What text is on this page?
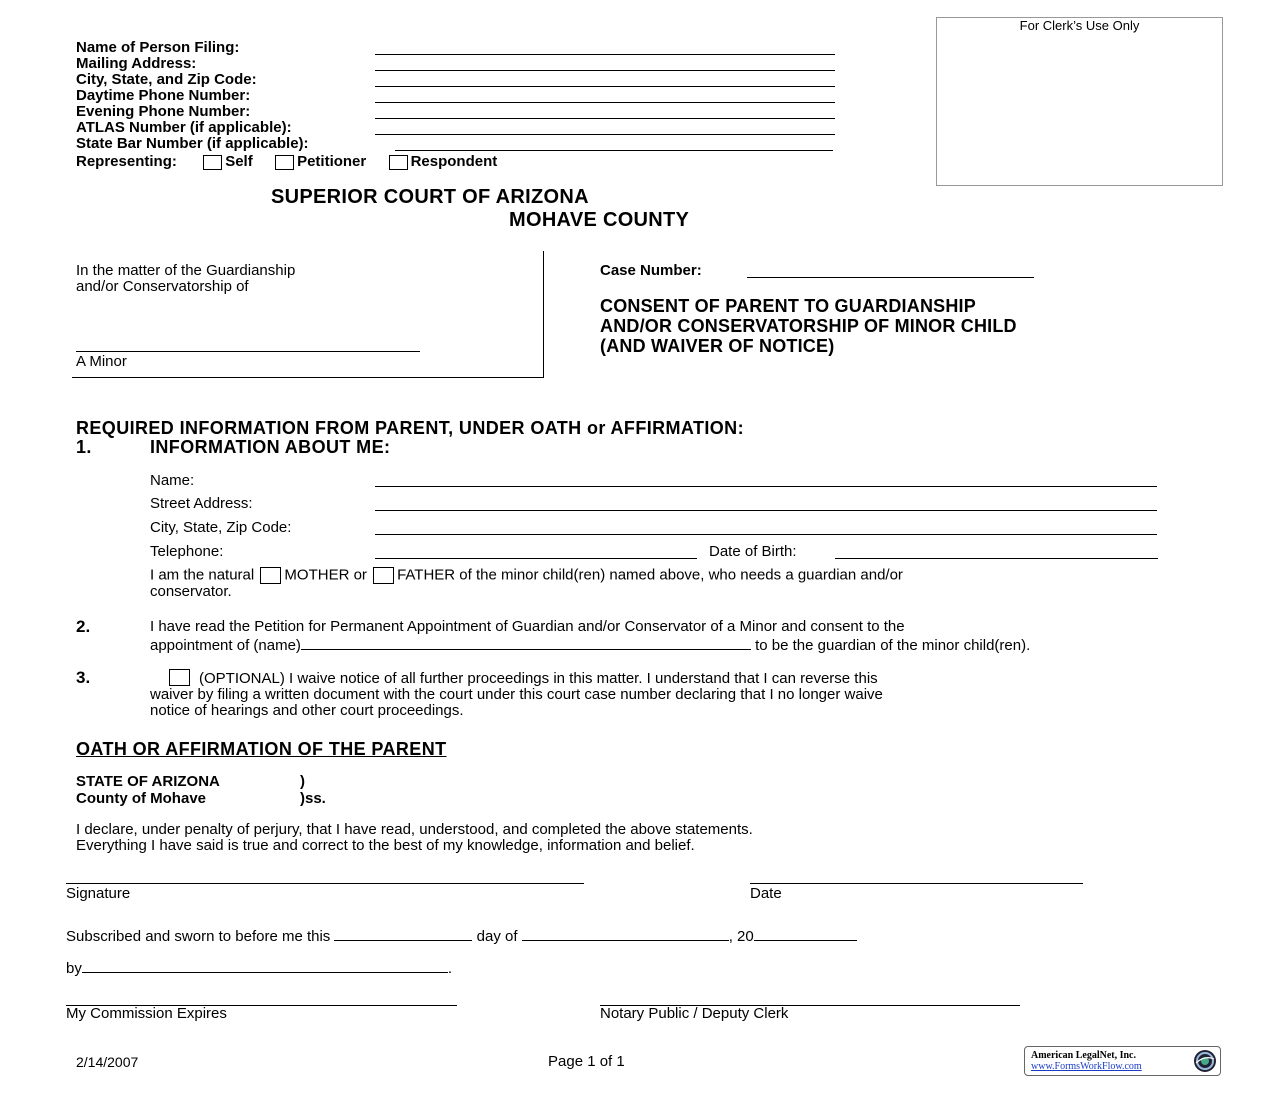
Name of Person Filing:
Mailing Address:
City, State, and Zip Code:
Daytime Phone Number:
Evening Phone Number:
ATLAS Number (if applicable):
State Bar Number (if applicable):
Representing:	Self	Petitioner	Respondent
For Clerk’s Use Only
SUPERIOR COURT OF ARIZONA
MOHAVE COUNTY
In the matter of the Guardianship
and/or Conservatorship of
A Minor
Case Number:
CONSENT OF PARENT TO GUARDIANSHIP
AND/OR CONSERVATORSHIP OF MINOR CHILD
(AND WAIVER OF NOTICE)
REQUIRED INFORMATION FROM PARENT, UNDER OATH or AFFIRMATION:
1.	INFORMATION ABOUT ME:
Name:
Street Address:
City, State, Zip Code:
Telephone:	Date of Birth:
I am the natural MOTHER or FATHER of the minor child(ren) named above, who needs a guardian and/or
conservator.
2.	I have read the Petition for Permanent Appointment of Guardian and/or Conservator of a Minor and consent to the
appointment of (name)	to be the guardian of the minor child(ren).
3.	(OPTIONAL) I waive notice of all further proceedings in this matter. I understand that I can reverse this
waiver by filing a written document with the court under this court case number declaring that I no longer waive
notice of hearings and other court proceedings.
OATH OR AFFIRMATION OF THE PARENT
STATE OF ARIZONA	)
County of Mohave	)ss.
I declare, under penalty of perjury, that I have read, understood, and completed the above statements.
Everything I have said is true and correct to the best of my knowledge, information and belief.
Signature	Date
Subscribed and sworn to before me this	day of	, 20
by	.
My Commission Expires	Notary Public / Deputy Clerk
2/14/2007	Page 1 of 1	American LegalNet, Inc.
www.FormsWorkFlow.com
